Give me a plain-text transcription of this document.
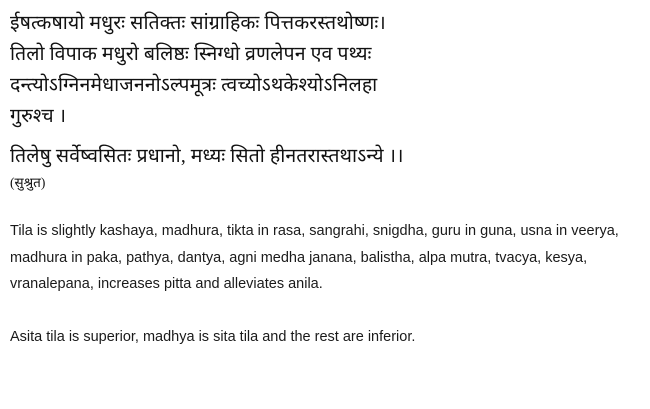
ईषत्कषायो मधुरः सतिक्तः सांग्राहिकः पित्तकरस्तथोष्णः।
तिलो विपाक मधुरो बलिष्ठः स्निग्धो व्रणलेपन एव पथ्यः
दन्त्योऽग्निनमेधाजननोऽल्पमूत्रः त्वच्योऽथकेश्योऽनिलहा
गुरुश्च ।
तिलेषु सर्वेष्वसितः प्रधानो, मध्यः सितो हीनतरास्तथाऽन्ये ।।
(सुश्रुत)

Tila is slightly kashaya, madhura, tikta in rasa, sangrahi, snigdha, guru in guna, usna in veerya, madhura in paka, pathya, dantya, agni medha janana, balistha, alpa mutra, tvacya, kesya, vranalepana, increases pitta and alleviates anila.

Asita tila is superior, madhya is sita tila and the rest are inferior.
